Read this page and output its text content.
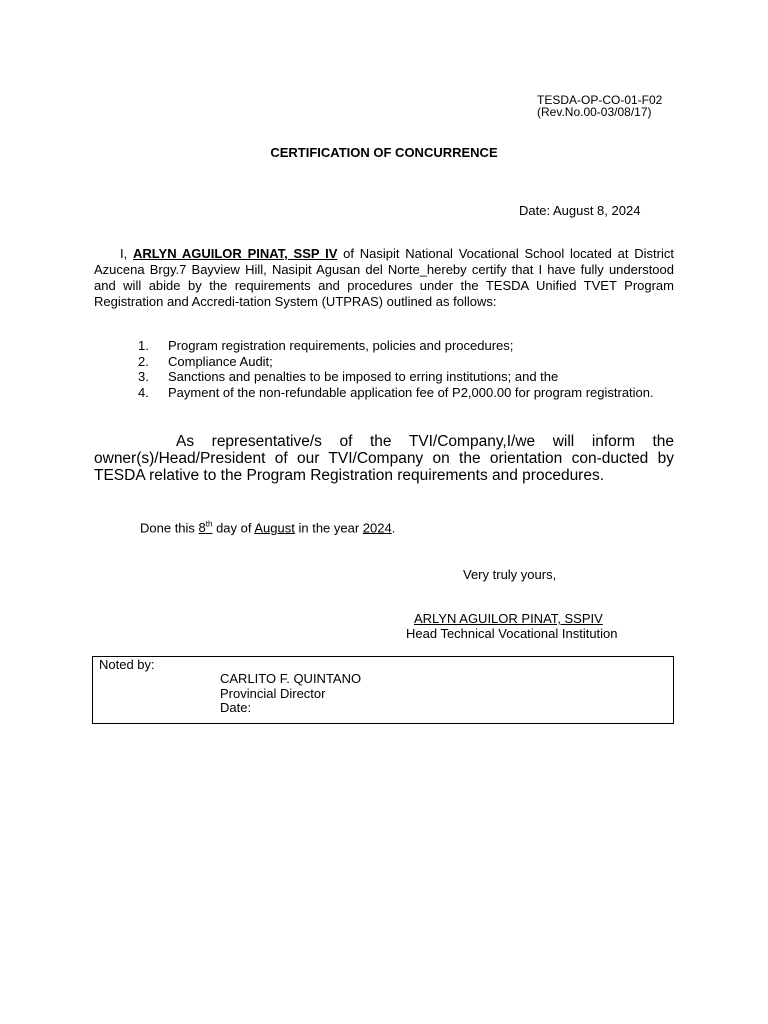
TESDA-OP-CO-01-F02
(Rev.No.00-03/08/17)
CERTIFICATION OF CONCURRENCE
Date: August 8, 2024
I, ARLYN AGUILOR PINAT, SSP IV of Nasipit National Vocational School located at District Azucena Brgy.7 Bayview Hill, Nasipit Agusan del Norte_hereby certify that I have fully understood and will abide by the requirements and procedures under the TESDA Unified TVET Program Registration and Accredi-tation System (UTPRAS) outlined as follows:
1.	Program registration requirements, policies and procedures;
2.	Compliance Audit;
3.	Sanctions and penalties to be imposed to erring institutions; and the
4.	Payment of the non-refundable application fee of P2,000.00 for program registration.
As representative/s of the TVI/Company,I/we will inform the owner(s)/Head/President of our TVI/Company on the orientation con-ducted by TESDA relative to the Program Registration requirements and procedures.
Done this 8th day of August in the year 2024.
Very truly yours,
ARLYN AGUILOR PINAT, SSPIV
Head Technical Vocational Institution
Noted by:
CARLITO F. QUINTANO
Provincial Director
Date:
